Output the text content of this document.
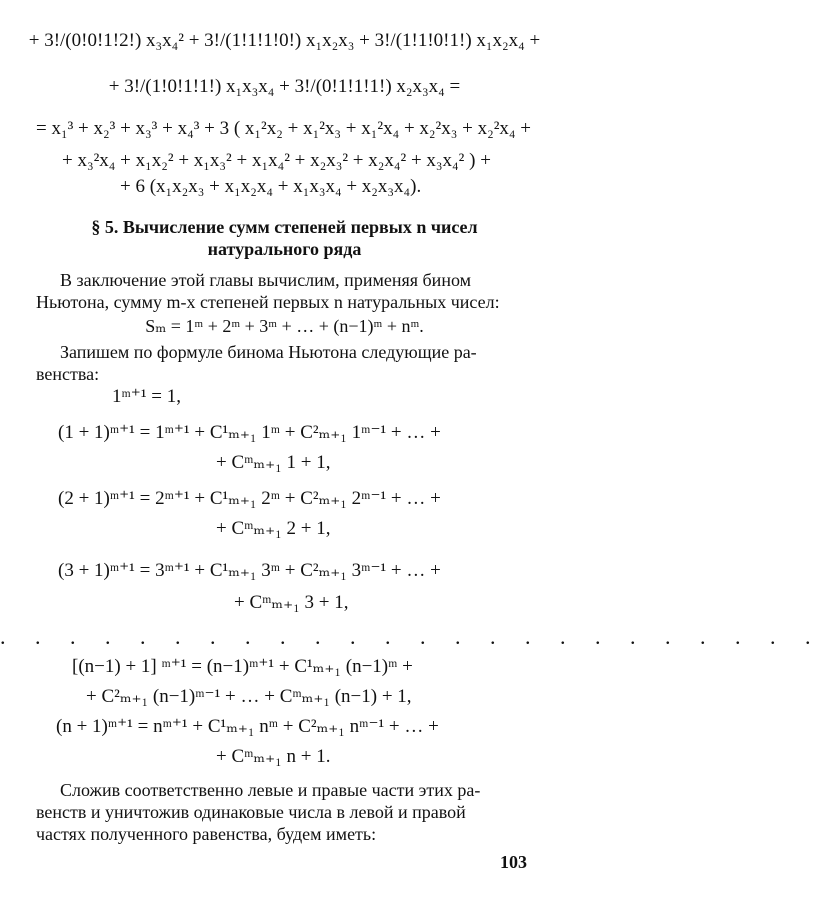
+ 3!/(0!0!1!2!) x₃x₄² + 3!/(1!1!1!0!) x₁x₂x₃ + 3!/(1!1!0!1!) x₁x₂x₄ +
+ 3!/(1!0!1!1!) x₁x₃x₄ + 3!/(0!1!1!1!) x₂x₃x₄ =
= x₁³ + x₂³ + x₃³ + x₄³ + 3 ( x₁²x₂ + x₁²x₃ + x₁²x₄ + x₂²x₃ + x₂²x₄ +
+ x₃²x₄ + x₁x₂² + x₁x₃² + x₁x₄² + x₂x₃² + x₂x₄² + x₃x₄² ) +
+ 6 (x₁x₂x₃ + x₁x₂x₄ + x₁x₃x₄ + x₂x₃x₄).
§ 5. Вычисление сумм степеней первых n чисел
натурального ряда
В заключение этой главы вычислим, применяя бином
Ньютона, сумму m-х степеней первых n натуральных чисел:
Sₘ = 1ᵐ + 2ᵐ + 3ᵐ + … + (n−1)ᵐ + nᵐ.
Запишем по формуле бинома Ньютона следующие ра-
венства:
1ᵐ⁺¹ = 1,
(1 + 1)ᵐ⁺¹ = 1ᵐ⁺¹ + C¹ₘ₊₁ 1ᵐ + C²ₘ₊₁ 1ᵐ⁻¹ + … +
+ Cᵐₘ₊₁ 1 + 1,
(2 + 1)ᵐ⁺¹ = 2ᵐ⁺¹ + C¹ₘ₊₁ 2ᵐ + C²ₘ₊₁ 2ᵐ⁻¹ + … +
+ Cᵐₘ₊₁ 2 + 1,
(3 + 1)ᵐ⁺¹ = 3ᵐ⁺¹ + C¹ₘ₊₁ 3ᵐ + C²ₘ₊₁ 3ᵐ⁻¹ + … +
+ Cᵐₘ₊₁ 3 + 1,
. . . . . . . . . . . . . . . . . . . . . . . .
[(n−1) + 1] ᵐ⁺¹ = (n−1)ᵐ⁺¹ + C¹ₘ₊₁ (n−1)ᵐ +
+ C²ₘ₊₁ (n−1)ᵐ⁻¹ + … + Cᵐₘ₊₁ (n−1) + 1,
(n + 1)ᵐ⁺¹ = nᵐ⁺¹ + C¹ₘ₊₁ nᵐ + C²ₘ₊₁ nᵐ⁻¹ + … +
+ Cᵐₘ₊₁ n + 1.
Сложив соответственно левые и правые части этих ра-
венств и уничтожив одинаковые числа в левой и правой
частях полученного равенства, будем иметь:
103
